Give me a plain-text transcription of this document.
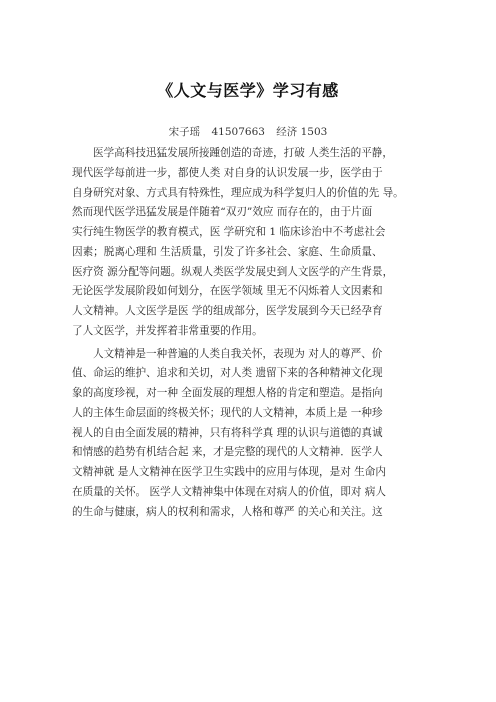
《人文与医学》学习有感
宋子瑶 41507663 经济 1503
医学高科技迅猛发展所接踵创造的奇迹，打破 人类生活的平静，
现代医学每前进一步，都使人类 对自身的认识发展一步，医学由于
自身研究对象、方式具有特殊性，理应成为科学复归人的价值的先 导。
然而现代医学迅猛发展是伴随着“双刃”效应 而存在的，由于片面
实行纯生物医学的教育模式，医 学研究和 1 临床诊治中不考虑社会
因素；脱离心理和 生活质量，引发了许多社会、家庭、生命质量、
医疗资 源分配等问题。纵观人类医学发展史到人文医学的产生背景，
无论医学发展阶段如何划分，在医学领域 里无不闪烁着人文因素和
人文精神。人文医学是医 学的组成部分，医学发展到今天已经孕育
了人文医学，并发挥着非常重要的作用。
人文精神是一种普遍的人类自我关怀，表现为 对人的尊严、价
值、命运的维护、追求和关切，对人类 遗留下来的各种精神文化现
象的高度珍视，对一种 全面发展的理想人格的肯定和塑造。是指向
人的主体生命层面的终极关怀；现代的人文精神，本质上是 一种珍
视人的自由全面发展的精神，只有将科学真 理的认识与道德的真诚
和情感的趋势有机结合起 来，才是完整的现代的人文精神．医学人
文精神就 是人文精神在医学卫生实践中的应用与体现，是对 生命内
在质量的关怀。 医学人文精神集中体现在对病人的价值，即对 病人
的生命与健康，病人的权利和需求，人格和尊严 的关心和关注。这
